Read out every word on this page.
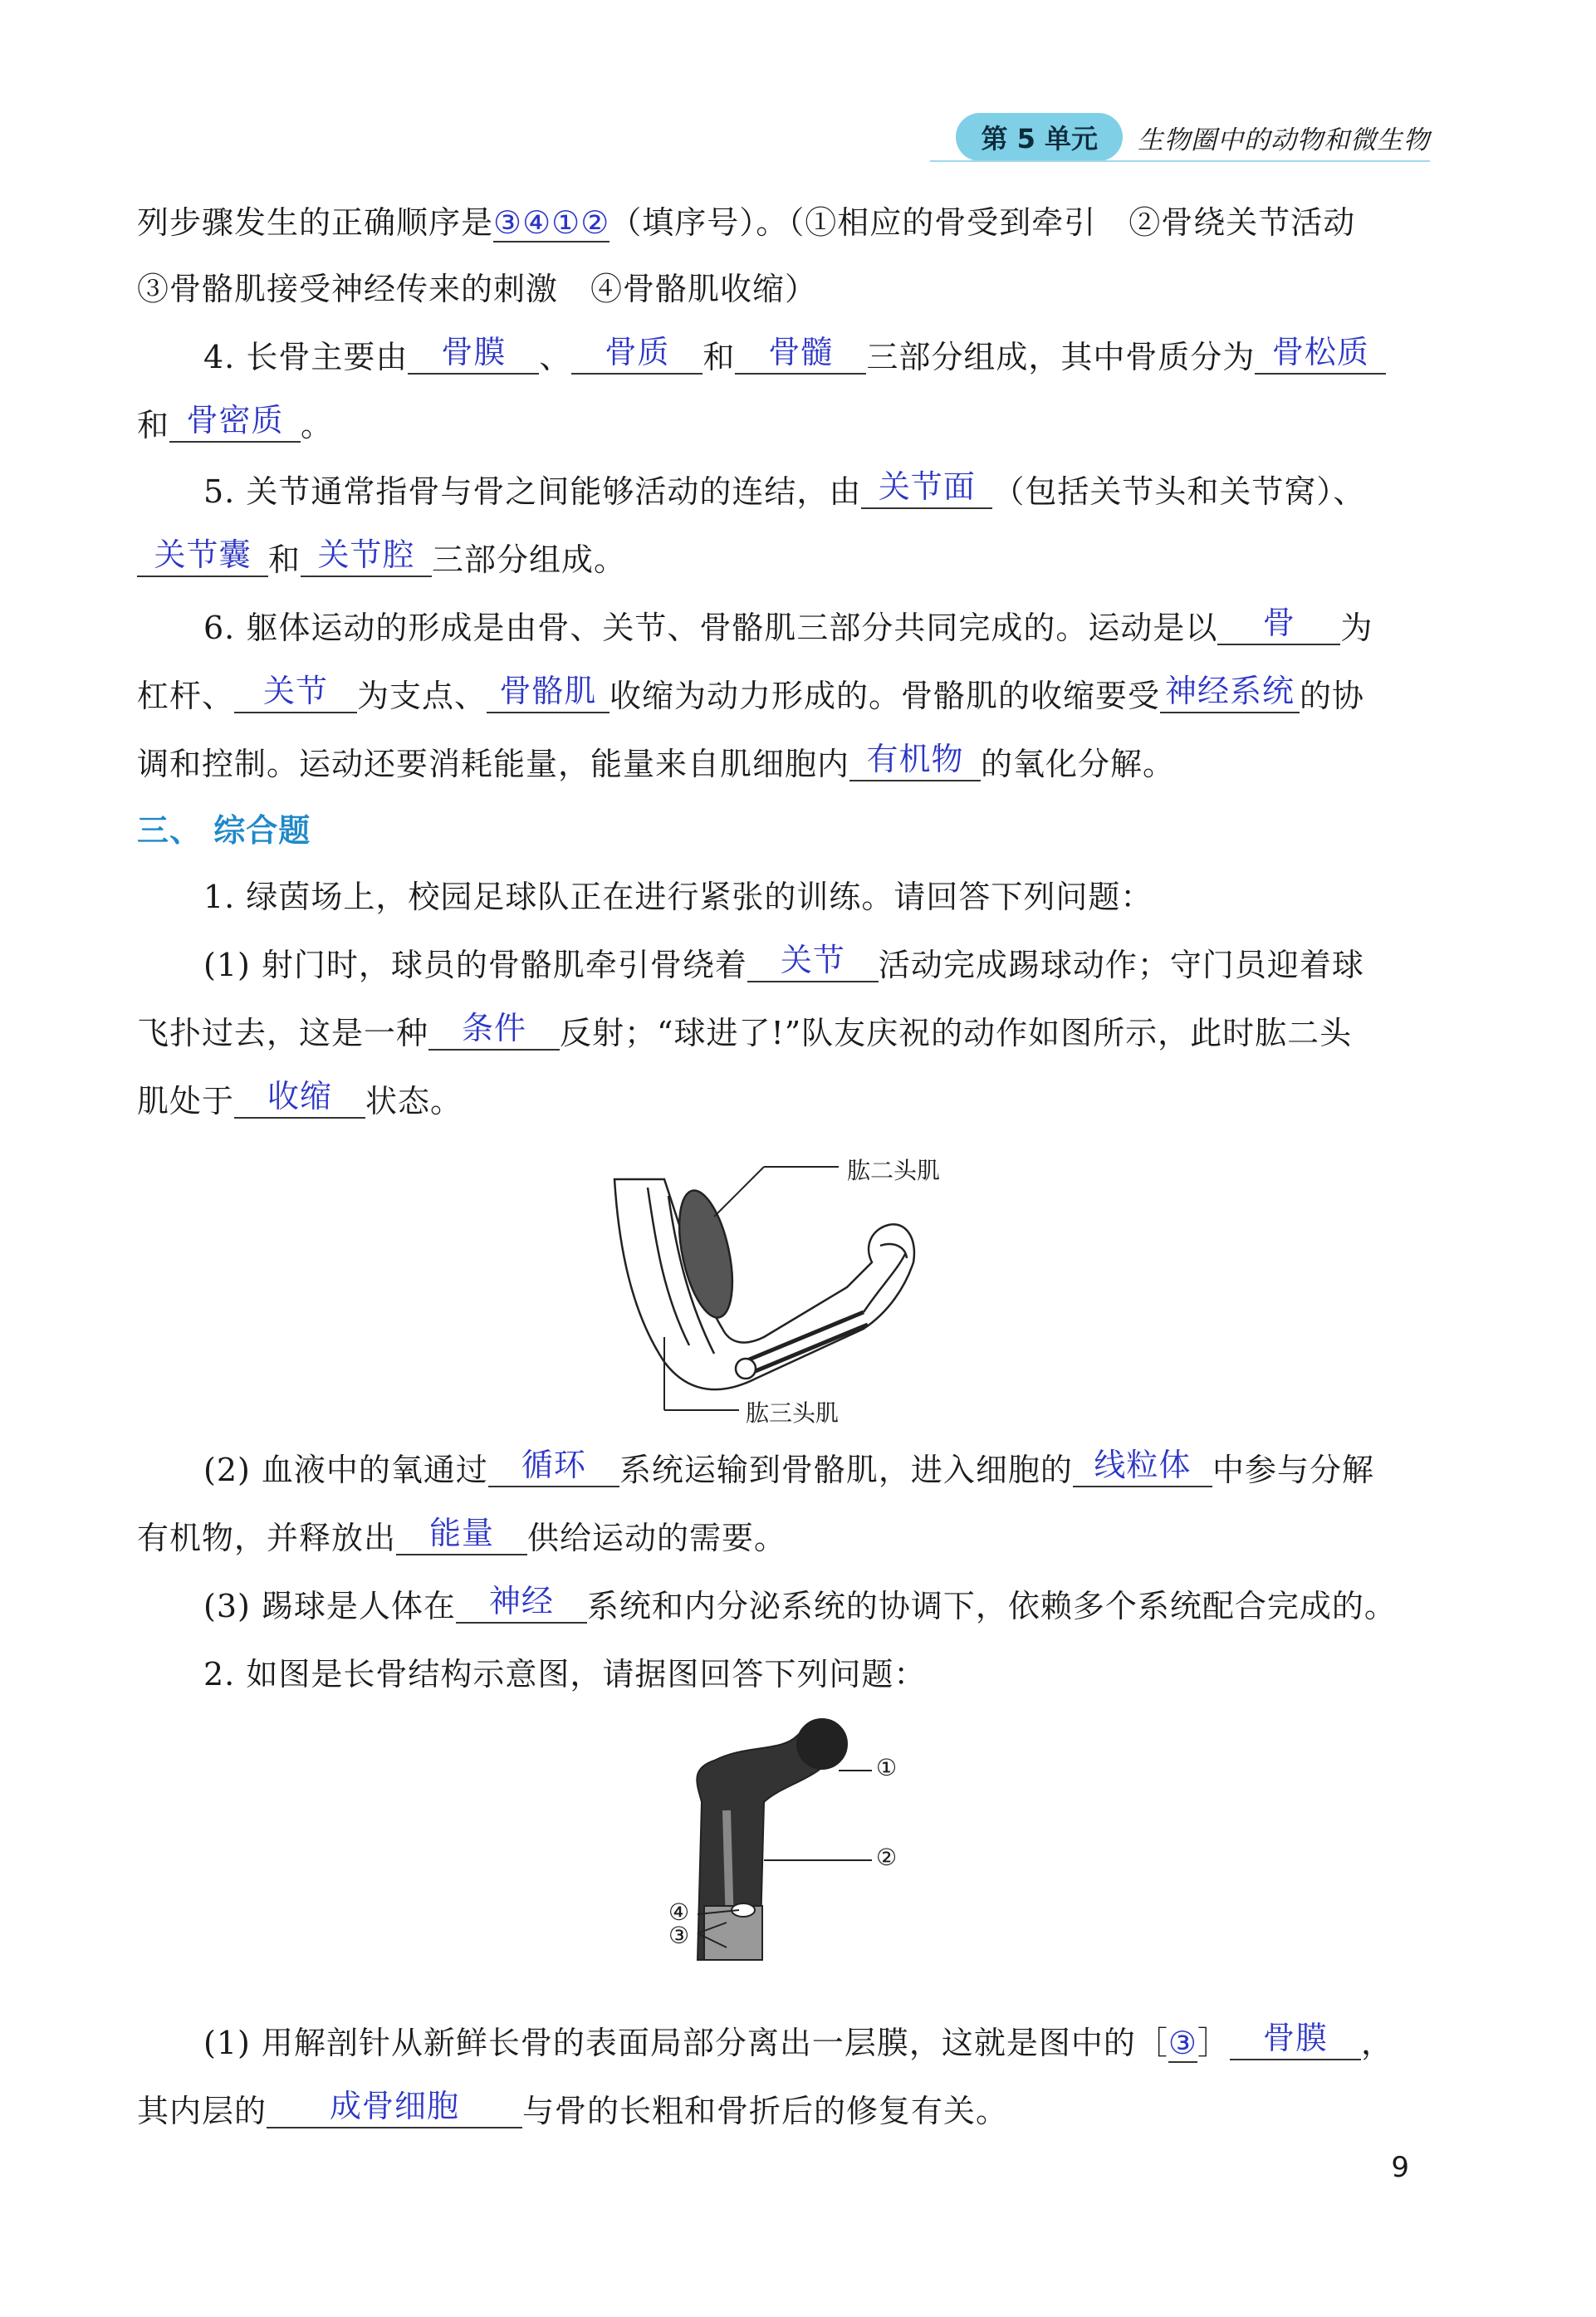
第 5 单元	生物圈中的动物和微生物
列步骤发生的正确顺序是③④①②（填序号）。（①相应的骨受到牵引　②骨绕关节活动
③骨骼肌接受神经传来的刺激　④骨骼肌收缩）
4. 长骨主要由 骨膜 、 骨质 和 骨髓 三部分组成，其中骨质分为 骨松质
和 骨密质 。
5. 关节通常指骨与骨之间能够活动的连结，由 关节面 （包括关节头和关节窝）、
关节囊 和 关节腔 三部分组成。
6. 躯体运动的形成是由骨、关节、骨骼肌三部分共同完成的。运动是以 骨 为
杠杆、 关节 为支点、 骨骼肌 收缩为动力形成的。骨骼肌的收缩要受 神经系统 的协
调和控制。运动还要消耗能量，能量来自肌细胞内 有机物 的氧化分解。
三、 综合题
1. 绿茵场上，校园足球队正在进行紧张的训练。请回答下列问题：
(1) 射门时，球员的骨骼肌牵引骨绕着 关节 活动完成踢球动作；守门员迎着球
飞扑过去，这是一种 条件 反射；“球进了!”队友庆祝的动作如图所示，此时肱二头
肌处于 收缩 状态。
肱二头肌
肱三头肌
(2) 血液中的氧通过 循环 系统运输到骨骼肌，进入细胞的 线粒体 中参与分解
有机物，并释放出 能量 供给运动的需要。
(3) 踢球是人体在 神经 系统和内分泌系统的协调下，依赖多个系统配合完成的。
2. 如图是长骨结构示意图，请据图回答下列问题：
①
②
④
③
(1) 用解剖针从新鲜长骨的表面局部分离出一层膜，这就是图中的［③］ 骨膜 ，
其内层的 成骨细胞 与骨的长粗和骨折后的修复有关。
9
